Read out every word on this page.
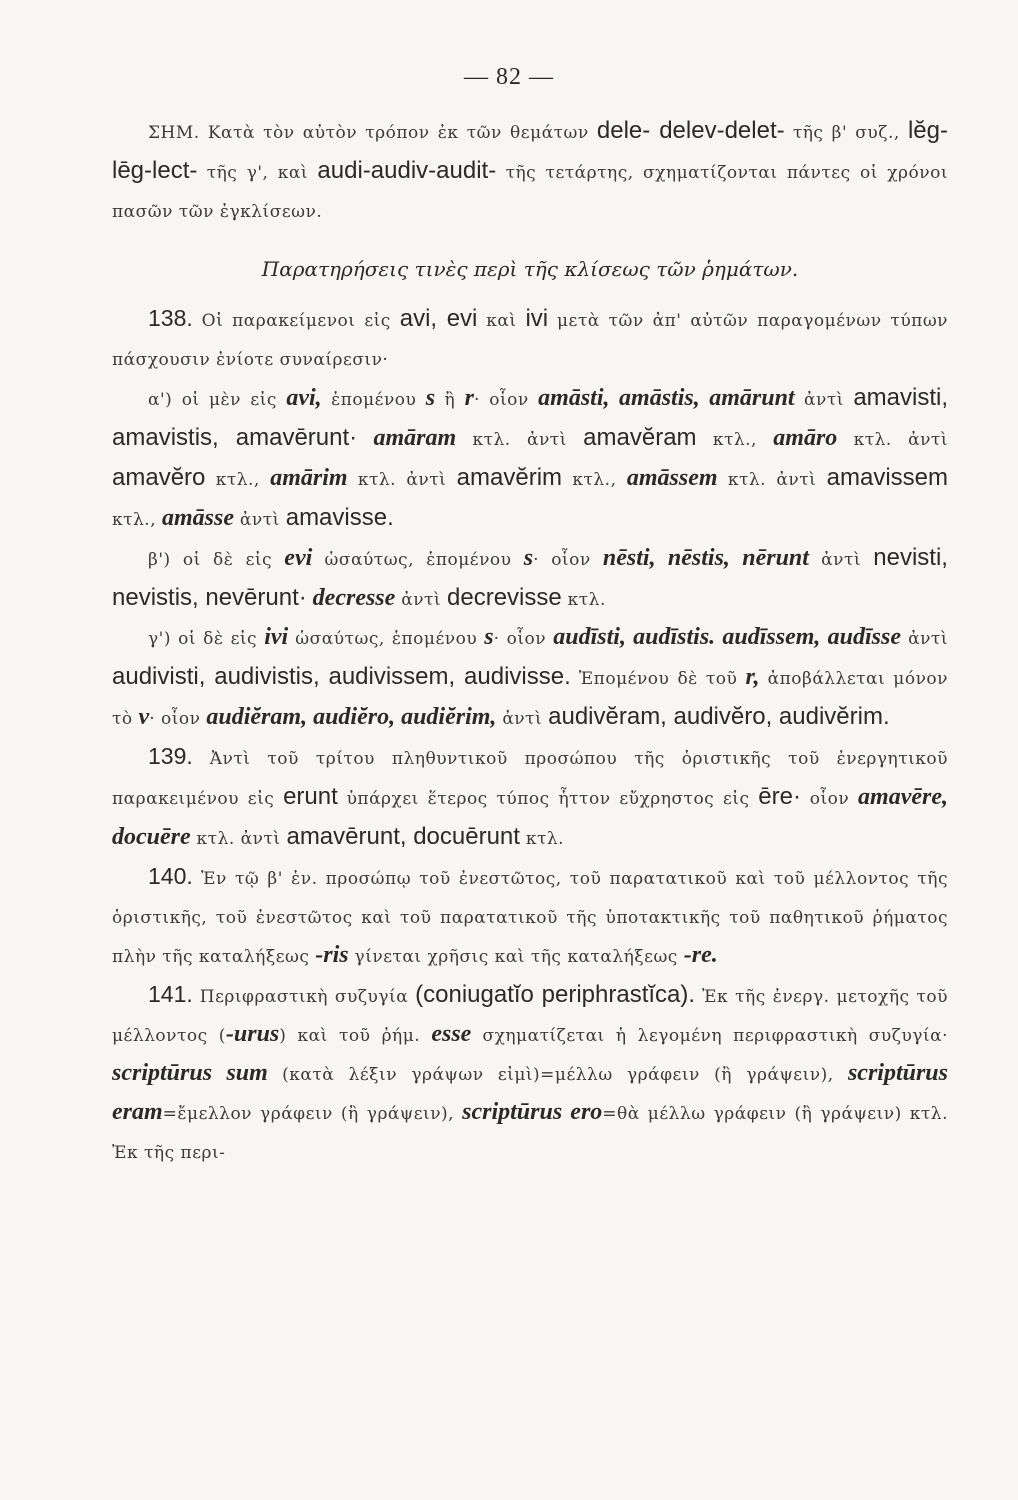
— 82 —

ΣΗΜ. Κατὰ τὸν αὐτὸν τρόπον ἐκ τῶν θεμάτων dele- delev-delet- τῆς β' συζ., lĕg-lēg-lect- τῆς γ', καὶ audi-audiv-audit- τῆς τετάρτης, σχηματίζονται πάντες οἱ χρόνοι πασῶν τῶν ἐγκλίσεων.

Παρατηρήσεις τινὲς περὶ τῆς κλίσεως τῶν ῥημάτων.

138. Οἱ παρακείμενοι εἰς avi, evi καὶ ivi μετὰ τῶν ἀπ' αὐτῶν παραγομένων τύπων πάσχουσιν ἐνίοτε συναίρεσιν·

α') οἱ μὲν εἰς avi, ἑπομένου s ἢ r· οἷον amāsti, amāstis, amārunt ἀντὶ amavisti, amavistis, amavērunt· amāram κτλ. ἀντὶ amavĕram κτλ., amāro κτλ. ἀντὶ amavĕro κτλ., amārim κτλ. ἀντὶ amavĕrim κτλ., amāssem κτλ. ἀντὶ amavissem κτλ., amāsse ἀντὶ amavisse.

β') οἱ δὲ εἰς evi ὡσαύτως, ἑπομένου s· οἷον nēsti, nēstis, nērunt ἀντὶ nevisti, nevistis, nevērunt· decresse ἀντὶ decrevisse κτλ.

γ') οἱ δὲ εἰς ivi ὡσαύτως, ἑπομένου s· οἷον audīsti, audīstis. audīssem, audīsse ἀντὶ audivisti, audivistis, audivissem, audivisse. Ἑπομένου δὲ τοῦ r, ἀποβάλλεται μόνον τὸ v· οἷον audiĕram, audiĕro, audiĕrim, ἀντὶ audivĕram, audivĕro, audivĕrim.

139. Ἀντὶ τοῦ τρίτου πληθυντικοῦ προσώπου τῆς ὁριστικῆς τοῦ ἐνεργητικοῦ παρακειμένου εἰς erunt ὑπάρχει ἕτερος τύπος ἧττον εὔχρηστος εἰς ēre· οἷον amavēre, docuēre κτλ. ἀντὶ amavērunt, docuērunt κτλ.

140. Ἐν τῷ β' ἑν. προσώπῳ τοῦ ἐνεστῶτος, τοῦ παρατατικοῦ καὶ τοῦ μέλλοντος τῆς ὁριστικῆς, τοῦ ἐνεστῶτος καὶ τοῦ παρατατικοῦ τῆς ὑποτακτικῆς τοῦ παθητικοῦ ῥήματος πλὴν τῆς καταλήξεως -ris γίνεται χρῆσις καὶ τῆς καταλήξεως -re.

141. Περιφραστικὴ συζυγία (coniugatĭo periphrastĭca). Ἐκ τῆς ἐνεργ. μετοχῆς τοῦ μέλλοντος (-urus) καὶ τοῦ ῥήμ. esse σχηματίζεται ἡ λεγομένη περιφραστικὴ συζυγία· scriptūrus sum (κατὰ λέξιν γράψων εἰμὶ)=μέλλω γράφειν (ἢ γράψειν), scriptūrus eram=ἔμελλον γράφειν (ἢ γράψειν), scriptūrus ero=θὰ μέλλω γράφειν (ἢ γράψειν) κτλ. Ἐκ τῆς περι-
